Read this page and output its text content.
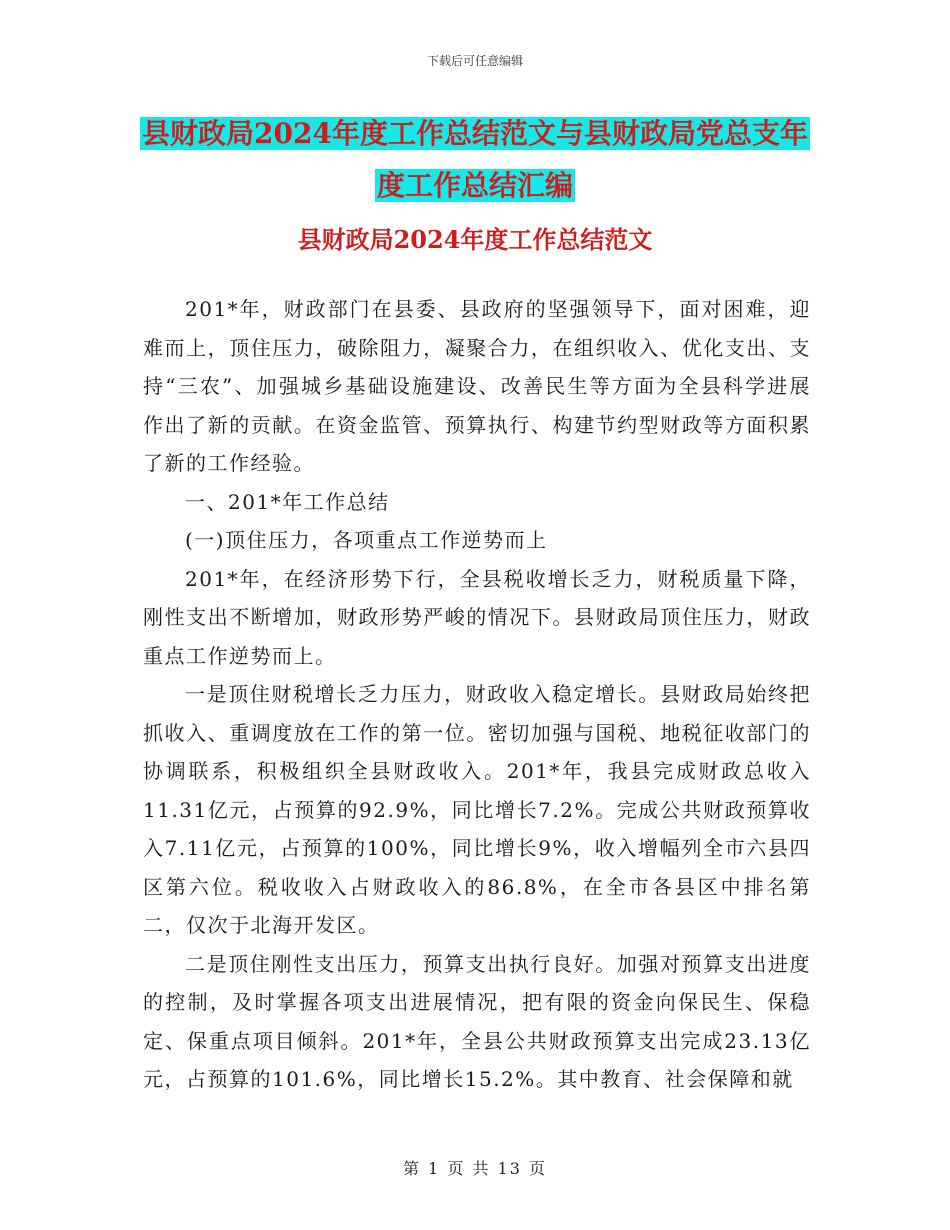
下载后可任意编辑
县财政局2024年度工作总结范文与县财政局党总支年
度工作总结汇编
县财政局2024年度工作总结范文

201*年，财政部门在县委、县政府的坚强领导下，面对困难，迎难而上，顶住压力，破除阻力，凝聚合力，在组织收入、优化支出、支持“三农”、加强城乡基础设施建设、改善民生等方面为全县科学进展作出了新的贡献。在资金监管、预算执行、构建节约型财政等方面积累了新的工作经验。

一、201*年工作总结

(一)顶住压力，各项重点工作逆势而上

201*年，在经济形势下行，全县税收增长乏力，财税质量下降，刚性支出不断增加，财政形势严峻的情况下。县财政局顶住压力，财政重点工作逆势而上。

一是顶住财税增长乏力压力，财政收入稳定增长。县财政局始终把抓收入、重调度放在工作的第一位。密切加强与国税、地税征收部门的协调联系，积极组织全县财政收入。201*年，我县完成财政总收入11.31亿元，占预算的92.9%，同比增长7.2%。完成公共财政预算收入7.11亿元，占预算的100%，同比增长9%，收入增幅列全市六县四区第六位。税收收入占财政收入的86.8%，在全市各县区中排名第二，仅次于北海开发区。

二是顶住刚性支出压力，预算支出执行良好。加强对预算支出进度的控制，及时掌握各项支出进展情况，把有限的资金向保民生、保稳定、保重点项目倾斜。201*年，全县公共财政预算支出完成23.13亿元，占预算的101.6%，同比增长15.2%。其中教育、社会保障和就

第 1 页 共 13 页
